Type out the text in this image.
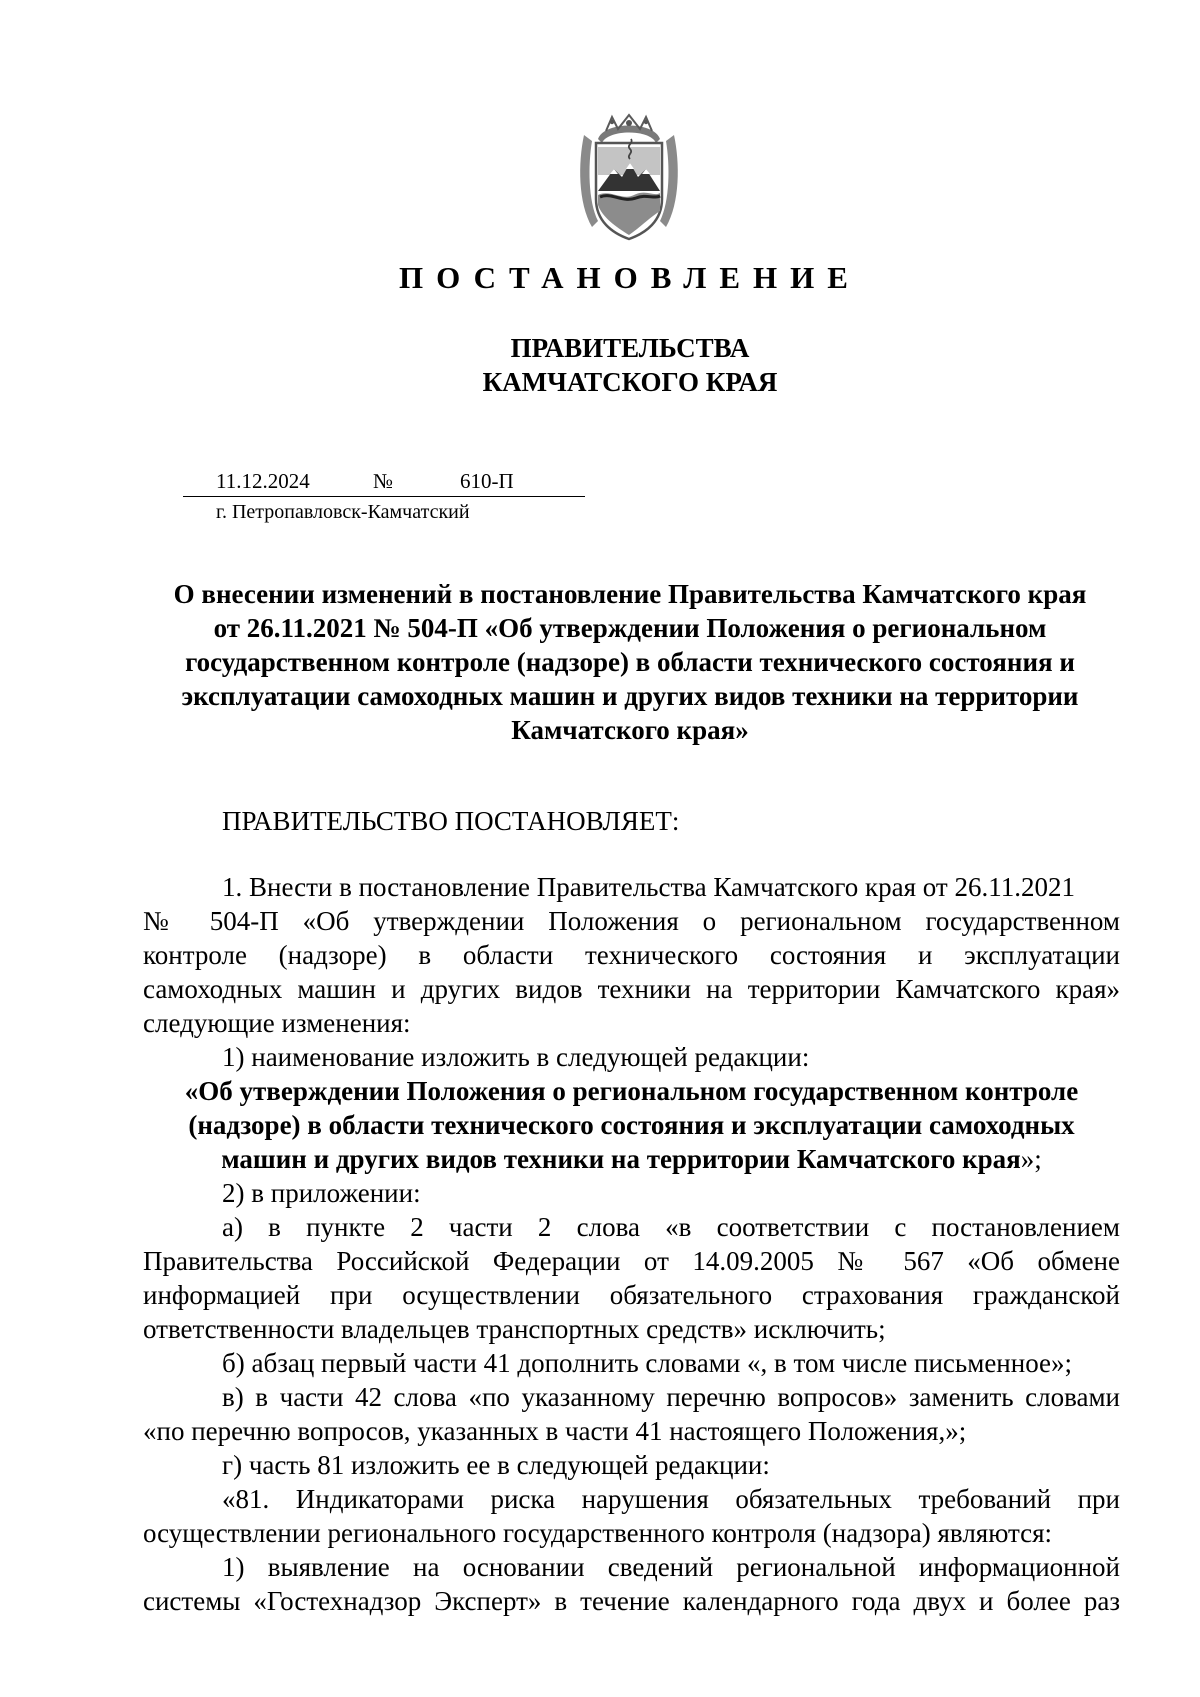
ПОСТАНОВЛЕНИЕ
ПРАВИТЕЛЬСТВА
КАМЧАТСКОГО КРАЯ
11.12.2024	№	610-П
г. Петропавловск-Камчатский
О внесении изменений в постановление Правительства Камчатского края
от 26.11.2021 № 504-П «Об утверждении Положения о региональном
государственном контроле (надзоре) в области технического состояния и
эксплуатации самоходных машин и других видов техники на территории
Камчатского края»
ПРАВИТЕЛЬСТВО ПОСТАНОВЛЯЕТ:
1. Внести в постановление Правительства Камчатского края от 26.11.2021
№ 504-П «Об утверждении Положения о региональном государственном
контроле (надзоре) в области технического состояния и эксплуатации
самоходных машин и других видов техники на территории Камчатского края»
следующие изменения:
1) наименование изложить в следующей редакции:
«Об утверждении Положения о региональном государственном контроле
(надзоре) в области технического состояния и эксплуатации самоходных
машин и других видов техники на территории Камчатского края»;
2) в приложении:
а) в пункте 2 части 2 слова «в соответствии с постановлением
Правительства Российской Федерации от 14.09.2005 № 567 «Об обмене
информацией при осуществлении обязательного страхования гражданской
ответственности владельцев транспортных средств» исключить;
б) абзац первый части 41 дополнить словами «, в том числе письменное»;
в) в части 42 слова «по указанному перечню вопросов» заменить словами
«по перечню вопросов, указанных в части 41 настоящего Положения,»;
г) часть 81 изложить ее в следующей редакции:
«81. Индикаторами риска нарушения обязательных требований при
осуществлении регионального государственного контроля (надзора) являются:
1) выявление на основании сведений региональной информационной
системы «Гостехнадзор Эксперт» в течение календарного года двух и более раз
